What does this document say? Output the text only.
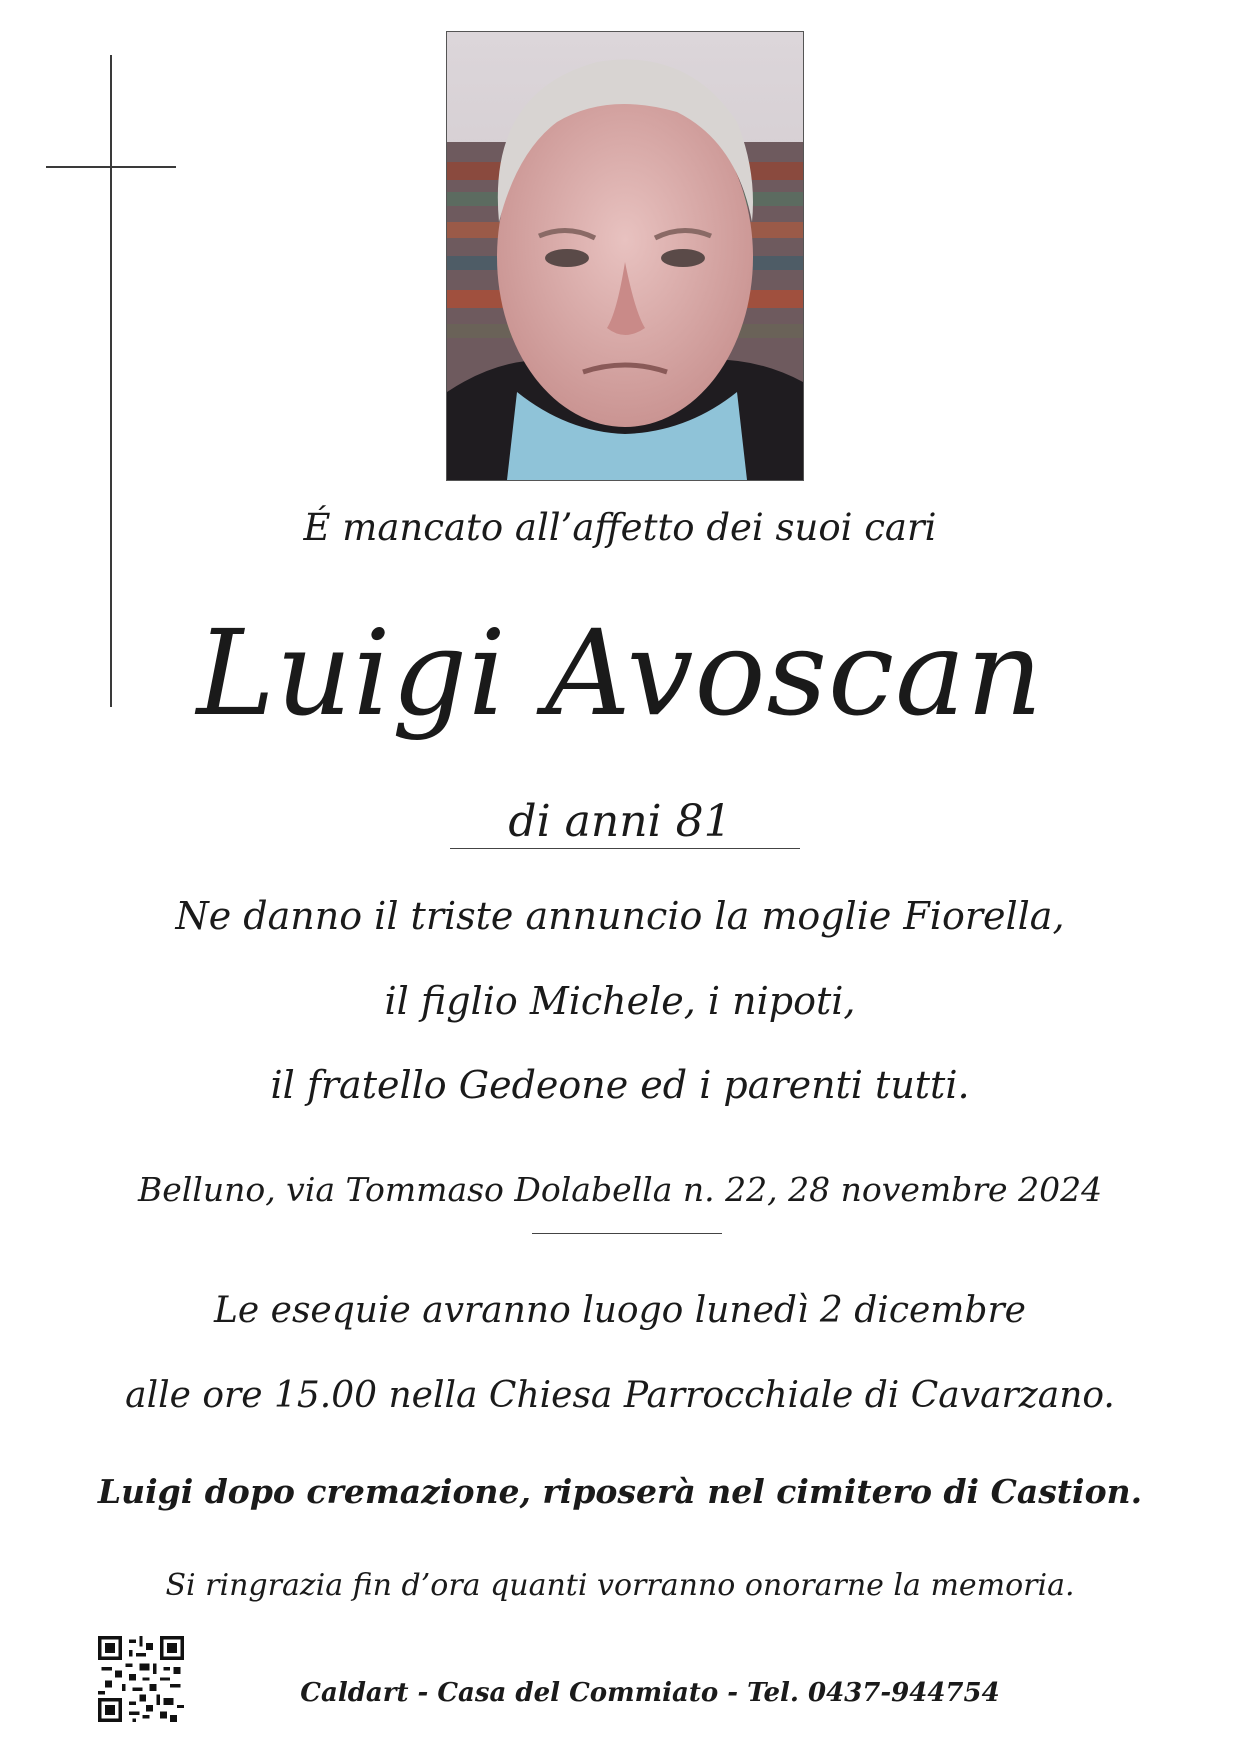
É mancato all’affetto dei suoi cari
Luigi Avoscan
di anni 81
Ne danno il triste annuncio la moglie Fiorella,
il figlio Michele, i nipoti,
il fratello Gedeone ed i parenti tutti.
Belluno, via Tommaso Dolabella n. 22, 28 novembre 2024
Le esequie avranno luogo lunedì 2 dicembre
alle ore 15.00 nella Chiesa Parrocchiale di Cavarzano.
Luigi dopo cremazione, riposerà nel cimitero di Castion.
Si ringrazia fin d’ora quanti vorranno onorarne la memoria.
Caldart - Casa del Commiato - Tel. 0437-944754
